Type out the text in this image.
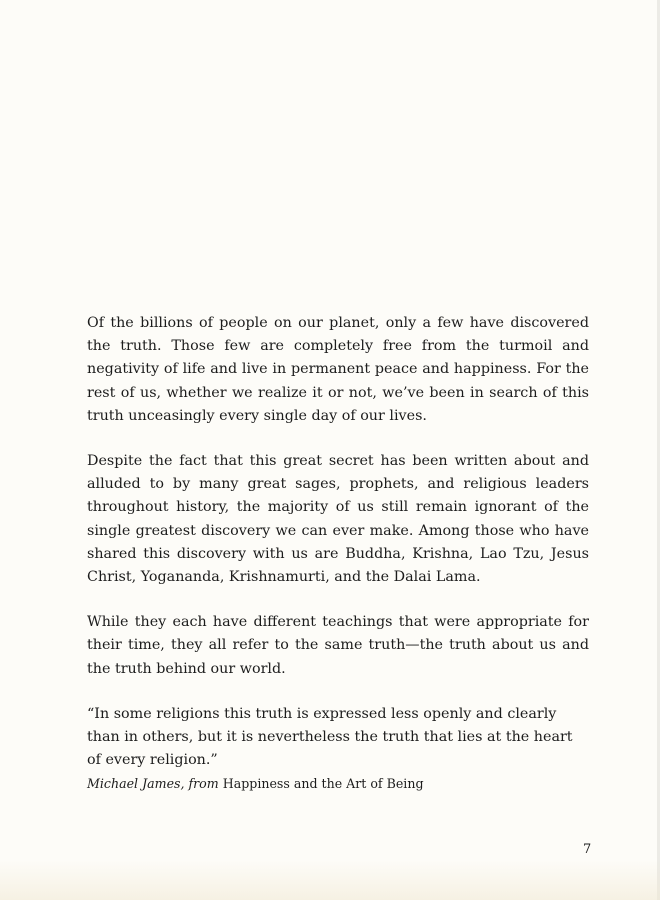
Of the billions of people on our planet, only a few have discovered the truth. Those few are completely free from the turmoil and negativity of life and live in permanent peace and happiness. For the rest of us, whether we realize it or not, we’ve been in search of this truth unceasingly every single day of our lives.

Despite the fact that this great secret has been written about and alluded to by many great sages, prophets, and religious leaders throughout history, the majority of us still remain ignorant of the single greatest discovery we can ever make. Among those who have shared this discovery with us are Buddha, Krishna, Lao Tzu, Jesus Christ, Yogananda, Krishnamurti, and the Dalai Lama.

While they each have different teachings that were appropriate for their time, they all refer to the same truth—the truth about us and the truth behind our world.

“In some religions this truth is expressed less openly and clearly than in others, but it is nevertheless the truth that lies at the heart of every religion.”

Michael James, from Happiness and the Art of Being

7
